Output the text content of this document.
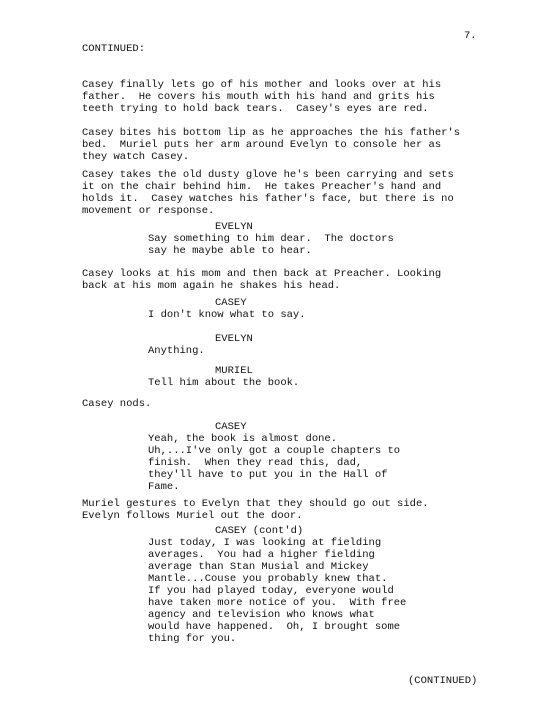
7.
CONTINUED:
Casey finally lets go of his mother and looks over at his
father.  He covers his mouth with his hand and grits his
teeth trying to hold back tears.  Casey's eyes are red.
Casey bites his bottom lip as he approaches the his father's
bed.  Muriel puts her arm around Evelyn to console her as
they watch Casey.
Casey takes the old dusty glove he's been carrying and sets
it on the chair behind him.  He takes Preacher's hand and
holds it.  Casey watches his father's face, but there is no
movement or response.
EVELYN
Say something to him dear.  The doctors
say he maybe able to hear.
Casey looks at his mom and then back at Preacher. Looking
back at his mom again he shakes his head.
CASEY
I don't know what to say.
EVELYN
Anything.
MURIEL
Tell him about the book.
Casey nods.
CASEY
Yeah, the book is almost done.
Uh,...I've only got a couple chapters to
finish.  When they read this, dad,
they'll have to put you in the Hall of
Fame.
Muriel gestures to Evelyn that they should go out side.
Evelyn follows Muriel out the door.
CASEY (cont'd)
Just today, I was looking at fielding
averages.  You had a higher fielding
average than Stan Musial and Mickey
Mantle...Couse you probably knew that.
If you had played today, everyone would
have taken more notice of you.  With free
agency and television who knows what
would have happened.  Oh, I brought some
thing for you.
(CONTINUED)
